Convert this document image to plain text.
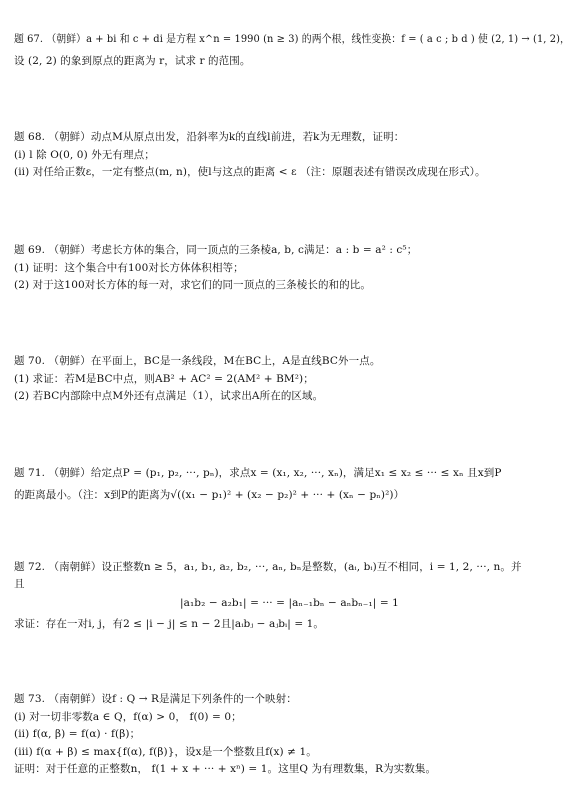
题 67. （朝鲜）a + bi 和 c + di 是方程 x^n = 1990 (n ≥ 3) 的两个根，线性变换：f = ( a c ; b d ) 使 (2, 1) → (1, 2)，
设 (2, 2) 的象到原点的距离为 r，试求 r 的范围。
题 68. （朝鲜）动点M从原点出发，沿斜率为k的直线l前进，若k为无理数，证明：
(i) l 除 O(0, 0) 外无有理点；
(ii) 对任给正数ε，一定有整点(m, n)，使l与这点的距离 < ε （注：原题表述有错误改成现在形式）。
题 69. （朝鲜）考虑长方体的集合，同一顶点的三条棱a, b, c满足：a : b = a² : c⁵；
(1) 证明：这个集合中有100对长方体体积相等；
(2) 对于这100对长方体的每一对，求它们的同一顶点的三条棱长的和的比。
题 70. （朝鲜）在平面上，BC是一条线段，M在BC上，A是直线BC外一点。
(1) 求证：若M是BC中点，则AB² + AC² = 2(AM² + BM²)；
(2) 若BC内部除中点M外还有点满足（1），试求出A所在的区域。
题 71. （朝鲜）给定点P = (p₁, p₂, ···, pₙ)，求点x = (x₁, x₂, ···, xₙ)，满足x₁ ≤ x₂ ≤ ··· ≤ xₙ 且x到P
的距离最小。（注：x到P的距离为√((x₁ − p₁)² + (x₂ − p₂)² + ··· + (xₙ − pₙ)²)）
题 72. （南朝鲜）设正整数n ≥ 5，a₁, b₁, a₂, b₂, ···, aₙ, bₙ是整数，(aᵢ, bᵢ)互不相同，i = 1, 2, ···, n。并
且
|a₁b₂ − a₂b₁| = ··· = |aₙ₋₁bₙ − aₙbₙ₋₁| = 1
求证：存在一对i, j，有2 ≤ |i − j| ≤ n − 2且|aᵢbⱼ − aⱼbᵢ| = 1。
题 73. （南朝鲜）设f : Q → R是满足下列条件的一个映射：
(i) 对一切非零数a ∈ Q，f(α) > 0， f(0) = 0；
(ii) f(α, β) = f(α) · f(β)；
(iii) f(α + β) ≤ max{f(α), f(β)}，设x是一个整数且f(x) ≠ 1。
证明：对于任意的正整数n， f(1 + x + ··· + xⁿ) = 1。这里Q 为有理数集，R为实数集。
